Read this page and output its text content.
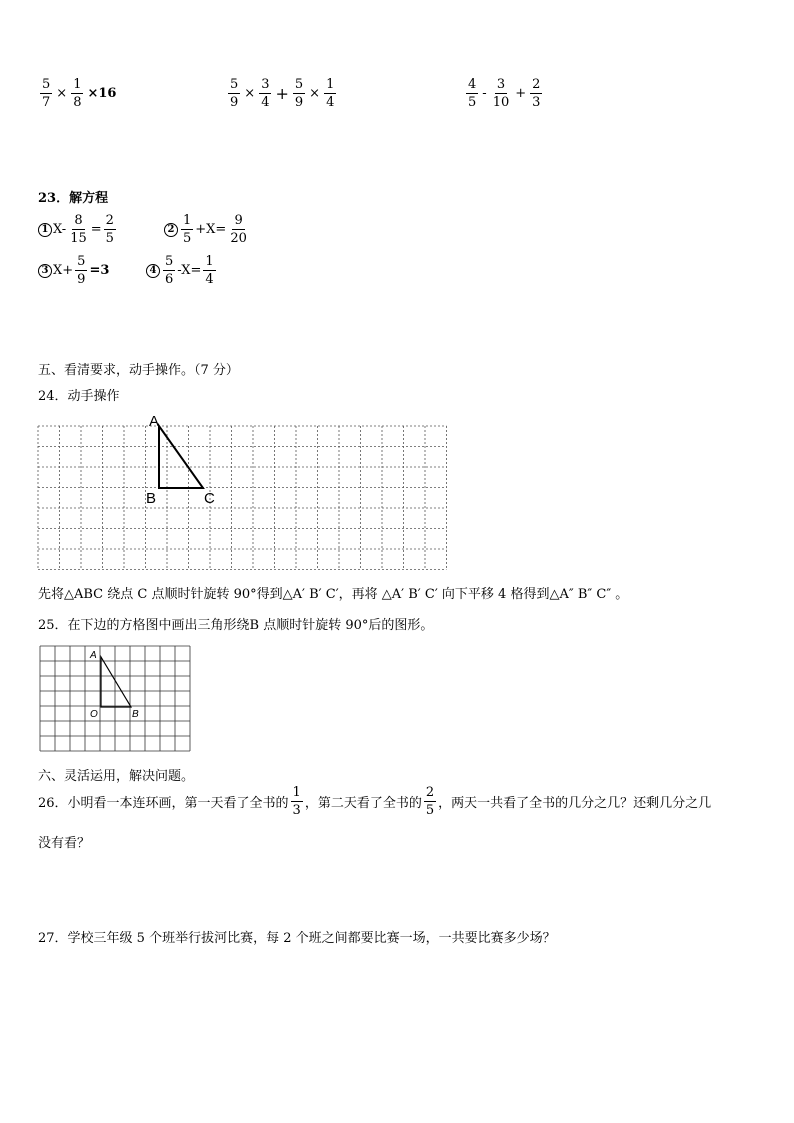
$\frac{5}{7} \times \frac{1}{8} \times 16$	$\frac{5}{9} \times \frac{3}{4} + \frac{5}{9} \times \frac{1}{4}$	$\frac{4}{5} - \frac{3}{10} + \frac{2}{3}$
23．解方程
1 $X- \frac{8}{15} = \frac{2}{5}$	$2 \frac{1}{5} +X= \frac{9}{20}$
3 $X+ \frac{5}{9} =3$	$4 \frac{5}{6} -X= \frac{1}{4}$
五、看清要求，动手操作。（7 分）
24．动手操作
A
B	C
先将△ABC 绕点 C 点顺时针旋转 90°得到△A′ B′ C′，再将 △A′ B′ C′ 向下平移 4 格得到△A″ B″ C″ 。
25．在下边的方格图中画出三角形绕B 点顺时针旋转 90°后的图形。
A
O	B
六、灵活运用，解决问题。
26．小明看一本连环画，第一天看了全书的 $\frac{1}{3}$ ，第二天看了全书的 $\frac{2}{5}$ ，两天一共看了全书的几分之几？还剩几分之几
没有看？
27．学校三年级 5 个班举行拔河比赛，每 2 个班之间都要比赛一场，一共要比赛多少场？
